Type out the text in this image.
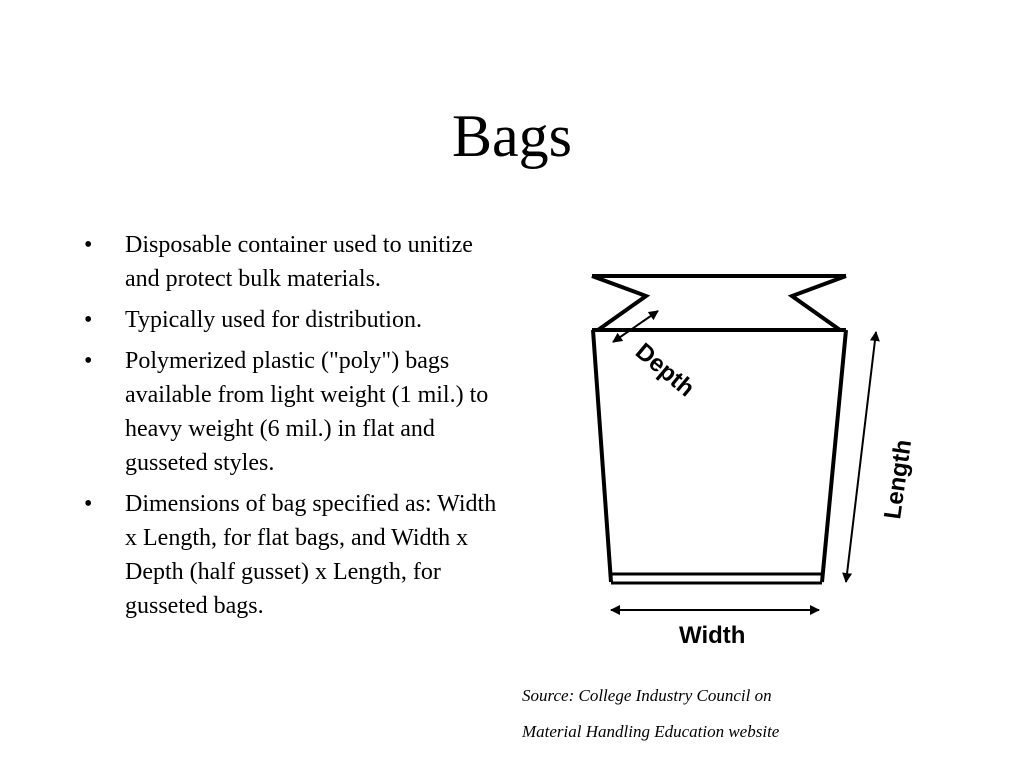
Bags
•	Disposable container used to unitize and protect bulk materials.
•	Typically used for distribution.
•	Polymerized plastic ("poly") bags available from light weight (1 mil.) to heavy weight (6 mil.) in flat and gusseted styles.
•	Dimensions of bag specified as: Width x Length, for flat bags, and Width x Depth (half gusset) x Length, for gusseted bags.
Depth
Length
Width
Source: College Industry Council on
Material Handling Education website
